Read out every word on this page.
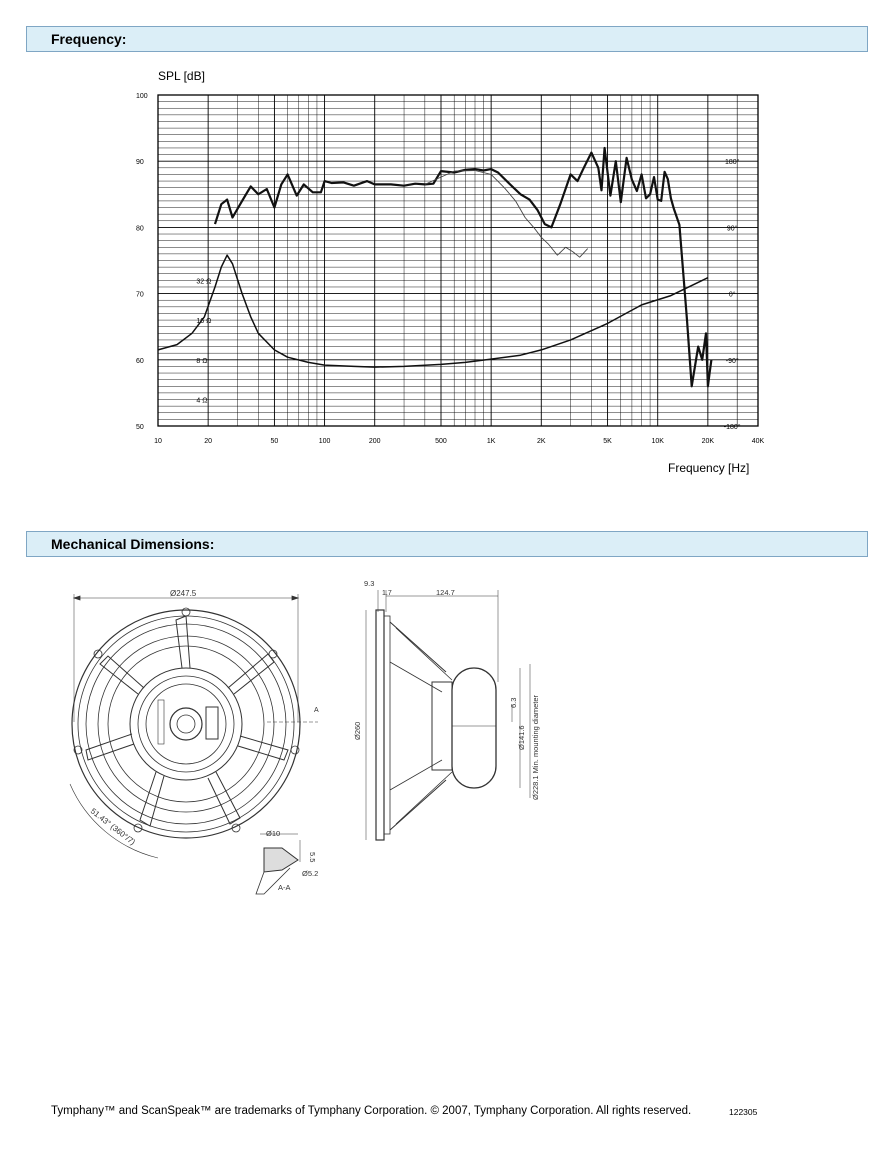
Frequency:
SPL [dB]
Frequency [Hz]
100
90
80
70
60
50
10	20	50	100	200	500	1K	2K	5K	10K	20K	40K
32 Ω
16 Ω
8 Ω
4 Ω
180°
90°
0°
-90°
-180°
Mechanical Dimensions:
Ø247.5
A
51.43° (360°/7)	Ø10
5.5
Ø5.2
A-A
9.3
1.7	124.7
Ø260
6.3
Ø141.6 Ø228.1 Min. mounting diameter
Tymphany™ and ScanSpeak™ are trademarks of Tymphany Corporation. © 2007, Tymphany Corporation. All rights reserved.	122305
